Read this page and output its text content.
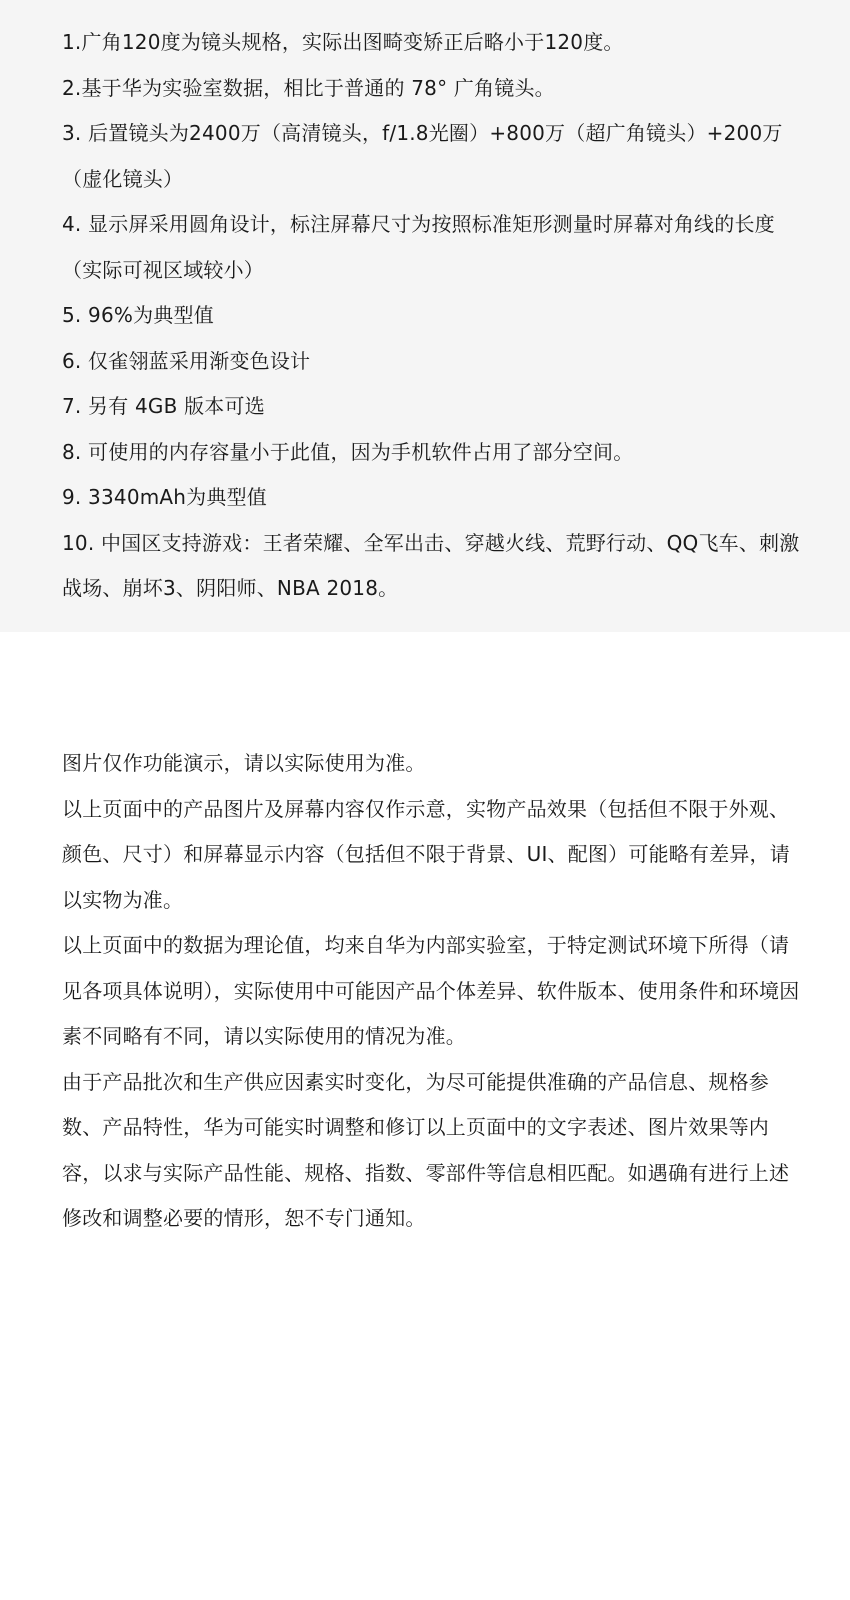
1.广角120度为镜头规格，实际出图畸变矫正后略小于120度。
2.基于华为实验室数据，相比于普通的 78° 广角镜头。
3. 后置镜头为2400万（高清镜头，f/1.8光圈）+800万（超广角镜头）+200万（虚化镜头）
4. 显示屏采用圆角设计，标注屏幕尺寸为按照标准矩形测量时屏幕对角线的长度（实际可视区域较小）
5. 96%为典型值
6. 仅雀翎蓝采用渐变色设计
7. 另有 4GB 版本可选
8. 可使用的内存容量小于此值，因为手机软件占用了部分空间。
9. 3340mAh为典型值
10. 中国区支持游戏：王者荣耀、全军出击、穿越火线、荒野行动、QQ飞车、刺激战场、崩坏3、阴阳师、NBA 2018。

图片仅作功能演示，请以实际使用为准。

以上页面中的产品图片及屏幕内容仅作示意，实物产品效果（包括但不限于外观、颜色、尺寸）和屏幕显示内容（包括但不限于背景、UI、配图）可能略有差异，请以实物为准。

以上页面中的数据为理论值，均来自华为内部实验室，于特定测试环境下所得（请见各项具体说明），实际使用中可能因产品个体差异、软件版本、使用条件和环境因素不同略有不同，请以实际使用的情况为准。

由于产品批次和生产供应因素实时变化，为尽可能提供准确的产品信息、规格参数、产品特性，华为可能实时调整和修订以上页面中的文字表述、图片效果等内容，以求与实际产品性能、规格、指数、零部件等信息相匹配。如遇确有进行上述修改和调整必要的情形，恕不专门通知。
